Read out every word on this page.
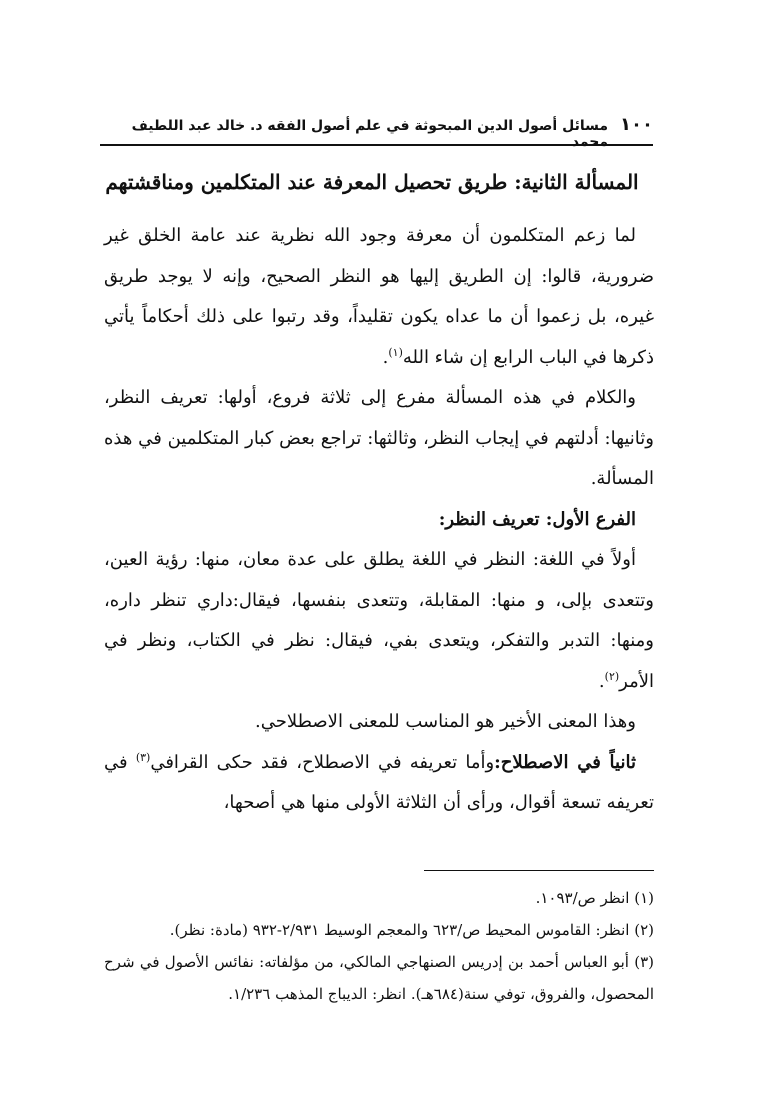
١٠٠
مسائل أصول الدين المبحوثة في علم أصول الفقه د. خالد عبد اللطيف محمد
المسألة الثانية: طريق تحصيل المعرفة عند المتكلمين ومناقشتهم

لما زعم المتكلمون أن معرفة وجود الله نظرية عند عامة الخلق غير ضرورية، قالوا: إن الطريق إليها هو النظر الصحيح، وإنه لا يوجد طريق غيره، بل زعموا أن ما عداه يكون تقليداً، وقد رتبوا على ذلك أحكاماً يأتي ذكرها في الباب الرابع إن شاء الله$^{(١)}$.

والكلام في هذه المسألة مفرع إلى ثلاثة فروع، أولها: تعريف النظر، وثانيها: أدلتهم في إيجاب النظر، وثالثها: تراجع بعض كبار المتكلمين في هذه المسألة.

الفرع الأول: تعريف النظر:

أولاً في اللغة: النظر في اللغة يطلق على عدة معان، منها: رؤية العين، وتتعدى بإلى، و منها: المقابلة، وتتعدى بنفسها، فيقال:داري تنظر داره، ومنها: التدبر والتفكر، ويتعدى بفي، فيقال: نظر في الكتاب، ونظر في الأمر$^{(٢)}$.

وهذا المعنى الأخير هو المناسب للمعنى الاصطلاحي.

ثانياً في الاصطلاح:وأما تعريفه في الاصطلاح، فقد حكى القرافي$^{(٣)}$ في تعريفه تسعة أقوال، ورأى أن الثلاثة الأولى منها هي أصحها،

(١) انظر ص/١٠٩٣.

(٢) انظر: القاموس المحيط ص/٦٢٣ والمعجم الوسيط ٢/٩٣١-٩٣٢ (مادة: نظر).

(٣) أبو العباس أحمد بن إدريس الصنهاجي المالكي، من مؤلفاته: نفائس الأصول في شرح المحصول، والفروق، توفي سنة(٦٨٤هـ). انظر: الديباج المذهب ١/٢٣٦.
